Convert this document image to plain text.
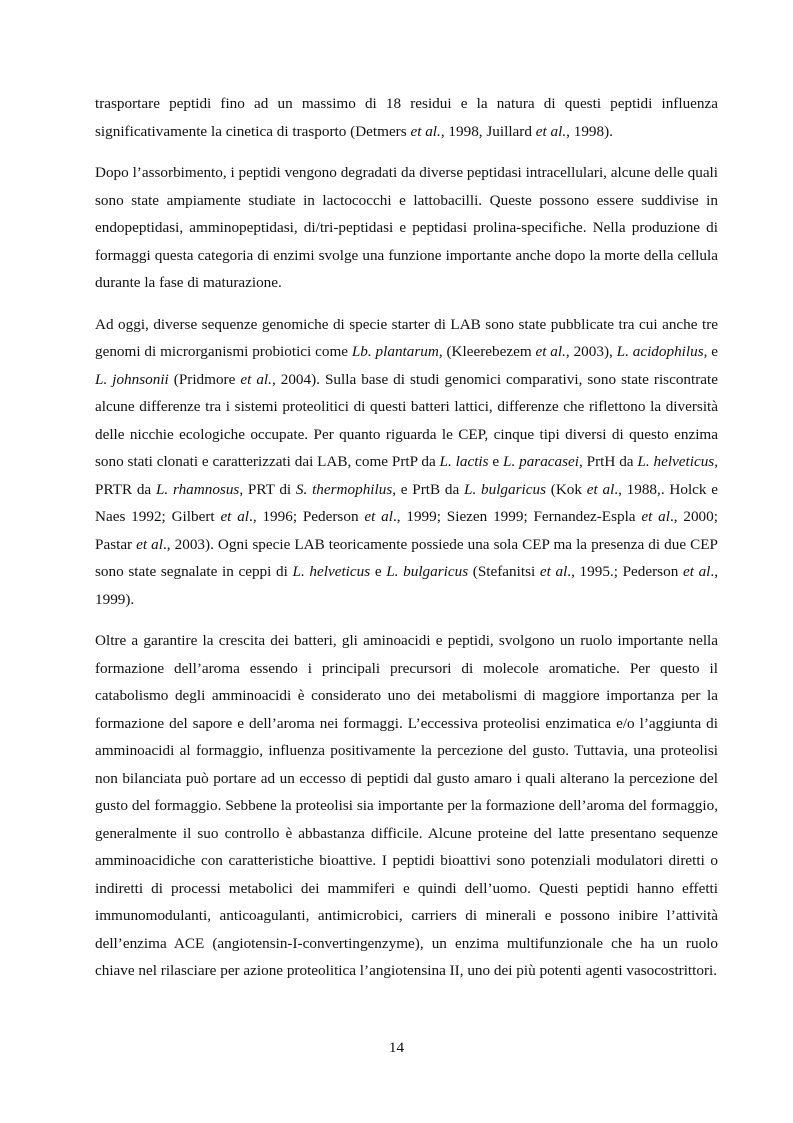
trasportare peptidi fino ad un massimo di 18 residui e la natura di questi peptidi influenza significativamente la cinetica di trasporto (Detmers et al., 1998, Juillard et al., 1998).

Dopo l’assorbimento, i peptidi vengono degradati da diverse peptidasi intracellulari, alcune delle quali sono state ampiamente studiate in lactococchi e lattobacilli. Queste possono essere suddivise in endopeptidasi, amminopeptidasi, di/tri-peptidasi e peptidasi prolina-specifiche. Nella produzione di formaggi questa categoria di enzimi svolge una funzione importante anche dopo la morte della cellula durante la fase di maturazione.

Ad oggi, diverse sequenze genomiche di specie starter di LAB sono state pubblicate tra cui anche tre genomi di microrganismi probiotici come Lb. plantarum, (Kleerebezem et al., 2003), L. acidophilus, e L. johnsonii (Pridmore et al., 2004). Sulla base di studi genomici comparativi, sono state riscontrate alcune differenze tra i sistemi proteolitici di questi batteri lattici, differenze che riflettono la diversità delle nicchie ecologiche occupate. Per quanto riguarda le CEP, cinque tipi diversi di questo enzima sono stati clonati e caratterizzati dai LAB, come PrtP da L. lactis e L. paracasei, PrtH da L. helveticus, PRTR da L. rhamnosus, PRT di S. thermophilus, e PrtB da L. bulgaricus (Kok et al., 1988,. Holck e Naes 1992; Gilbert et al., 1996; Pederson et al., 1999; Siezen 1999; Fernandez-Espla et al., 2000; Pastar et al., 2003). Ogni specie LAB teoricamente possiede una sola CEP ma la presenza di due CEP sono state segnalate in ceppi di L. helveticus e L. bulgaricus (Stefanitsi et al., 1995.; Pederson et al., 1999).

Oltre a garantire la crescita dei batteri, gli aminoacidi e peptidi, svolgono un ruolo importante nella formazione dell’aroma essendo i principali precursori di molecole aromatiche. Per questo il catabolismo degli amminoacidi è considerato uno dei metabolismi di maggiore importanza per la formazione del sapore e dell’aroma nei formaggi. L’eccessiva proteolisi enzimatica e/o l’aggiunta di amminoacidi al formaggio, influenza positivamente la percezione del gusto. Tuttavia, una proteolisi non bilanciata può portare ad un eccesso di peptidi dal gusto amaro i quali alterano la percezione del gusto del formaggio. Sebbene la proteolisi sia importante per la formazione dell’aroma del formaggio, generalmente il suo controllo è abbastanza difficile. Alcune proteine del latte presentano sequenze amminoacidiche con caratteristiche bioattive. I peptidi bioattivi sono potenziali modulatori diretti o indiretti di processi metabolici dei mammiferi e quindi dell’uomo. Questi peptidi hanno effetti immunomodulanti, anticoagulanti, antimicrobici, carriers di minerali e possono inibire l’attività dell’enzima ACE (angiotensin-I-convertingenzyme), un enzima multifunzionale che ha un ruolo chiave nel rilasciare per azione proteolitica l’angiotensina II, uno dei più potenti agenti vasocostrittori.

14
